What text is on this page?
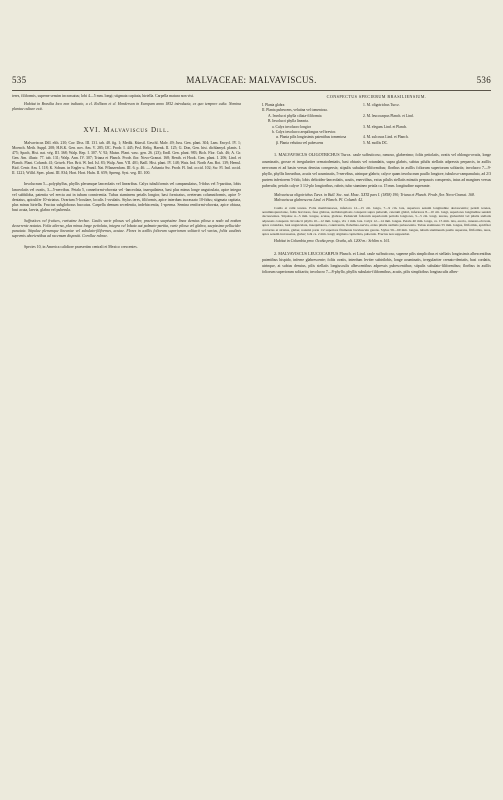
535	MALVACEAE: MALVAVISCUS.	536

teres, filiformis, superne sensim incrassatus; lobi 4—5 mm. longi; stigmata capitata, hirtella. Carpella matura non visi.

Habitat in Brasilia loco non indicato, a cl. Rollison et cl. Henderson in Europam anno 1852 introducta, ex quo tempore culta. Nomina plantae culture exit.

XVI. Malvaviscus Dill.

Malvaviscus Dill. elth. 210; Cav. Diss. III. 131. tab. 48. fig. 1; Medik. Künstl. Geschl. Malv. 49; Juss. Gen. plant. 304; Lam. Encycl. IV. 1; Moench. Meth. Suppl. 208; H.B.K. Gen. nov. Am. V. 285; DC. Prodr. I. 445; Prsl. Reliq. Haenk. II. 125; G. Don, Gen. hist. dichlamyd. plants. I. 475; Spach, Hist. nat. vég. III. 368; Walp. Rep. I. 307. V. 92; Maisn. Plant. vasc. gen. 26. (23); Endl. Gen. plant. 983; Bich. Flor. Cub. 46; A. Gr. Gen. Am. illustr. 77. tab. 131; Walp. Ann. IV. 307; Triana et Planch. Prodr. flor. Novo-Granat. 168; Benth. et Hook. Gen. plant. I. 206; Lind. et Planch. Plant. Columb. 41; Griseb. Flor. Brit. W. Ind. Isl. 83; Walp. Ann. VII. 401; Baill. Hist. plant. IV. 148; Wats. Ind. North Am. Bot. 139; Hemsl. Biol. Centr. Am. I. 118; K. Schum. in Engler u. Prantl. Nat. Pflanzenfam. III. 6. p. 46. — Achania Sw. Prodr. Fl. Ind. occid. 102; Sw. Fl. Ind. occid. II. 1221; Willd. Spec. plant. III. 834; Hort. Hort. Hafn. II. 659; Spreng. Syst. veg. III. 100.

Involucrum 5—polyphyllus, phyllis plerumque lanceolatis vel linearibus. Calyx tubuliformis vel campanulatus, 5-fidus vel 5-partitus, lobis lanceolatis vel ovatis, 3—5-nervibus. Petala 5, conneformi-obovata vel -lanceolata, inaequilatera, basi plus minus longe unguiculata, apice integra vel subbiloba, patentia vel erecta aut in tubum conniventia. Tubus staminens petalis longior, basi fornicatus, oeeterum columniformis, apice 5-dentatus, apiculifer 10-striatus. Ovarium 5-loculare, loculis 1-ovulatis. Stylus teres, filiformis, apice interdum incrassato 10-fidus; stigmata capitata, plus minus hirtella. Fructus subglobosus baccatus. Carpella demum secedentia, indehiscentia, 1-sperma. Semina reniformi-obovata, apice obtusa, basi acuta, laevia, glabra vel puberula.

Suffrutices vel frutices, rarissime herbae. Caulis varie pilosus vel glaber, praeterea saepissime linea densius pilosa a nodo ad nodum decurrente notatus. Folia alterna, plus minus longe petiolata, integra vel lobata aut palmato-partita, varie pilosa vel glabra, saepissime pellucido-punctata. Stipulae plerumque lineariae vel subulato-filiformes, acutae. Flores in axillis foliorum superiorum solitarii vel varius, foliis caulinis supremis aborientibus ad racemum dispositi. Corollae rubrae.

Species 10, in America calidiore praesertim centrali et Mexico crescentes.

CONSPECTUS SPECIERUM BRASILIENSIUM.
I. Planta glabra	1. M. oligotrichus Turcz.
II. Planta pubescens, velutina vel tomentosa.
A. Involucri phylla ciliata-filiformia	2. M. leucocarpus Planch. et Lind.
B. Involucri phylla linearia.
a. Calyx involucro longior	3. M. elegans Lind. et Planch.
b. Calyx involucro aequilongus vel brevior.
α. Planta pilis longissimis patentibus tomentosa	4. M. sulcosus Lind. et Planch.
β. Planta velutina vel pubescens	5. M. mollis DC.

1. MALVAVISCUS OLIGOTRICHUS Turcz. caule suffruticoso, ramoso, glaberrimo; foliis petiolatis, ovatis vel oblongo-ovatis, longe acuminatis, grosse et irregulariter crenatodentatis, basi obtusis vel rotundatis, supra glabris, subtus pilulis stellatis adpressis perparcis, in axillis nervorum et ad basin versus densius conspersis; stipulis subulato-filiformibus; floribus in axillis foliorum superiorum solitariis; involucro 7—9-phyllo, phyllis linearibus, acutis vel acuminatis, 5-nervibus, utrinque glabris; calyce quam involucrum paullo longiore, tubuloso-campanulato, ad 2/3 partem inferiorem 5-fido, lobis deltoideo-lanceolatis, acutis, enerviibus, extus pilulis stellatis minutis perpaucis conspersis, intus ad margines versus puberulis; petalis calyce 3 1/2-plo longioribus, rubris; tubo stamineo petala ca. 15 mm. longitudine superante.

Malvaviscus oligotrichus Turcz. in Bull. Soc. nat. Mosc. XXXI pars I. (1858) 190; Triana et Planch. Prodr. flor. Novo-Granat. 168.

Malvaviscus glabrescens Lind. et Planch. Pl. Columb. 42.

Caulis et rami teretes. Folia membranacea, inferiora 12—15 cm. longa, 7—9 cm. lata, superiora sensim longitudine decrescentia; petioli teretes, aeruminopunctatae, foliis breviores, fuse glabrae, stellulatopilosis conspersi supra puberuli, ceterum glabri, inferiores 8—10 cm. longi, superiores longitudine sensim decrescentes. Stipulae 4—5 mm. longae, acutae, glabrae. Pedunculi foliorum superiorum petiolis longiores, 3—5 cm. longi, teretes, glaberrimi vel pilulis stellatis adpressis conspersi. Involucri phylla 10—12 mm. longa, vix 1 mm. lata. Calyx 12—14 mm. longus. Petala 40 mm. longa, ca. 15 mm. lata, erecta, cuneato-obovata, apice rotundata, basi unguiculata, inaequilatera, conniventia, flabellato-nervia, extus pilulis stellatis pubescentia. Tubus stamineus 55 mm. longus, filiformis, apicifiter contortus et striatus, glaber, nonnisi parte 1/2 superiore filamenta breviuscula gerens. Stylus 56—60 mm. longus, tubum stamineum paullo superans, filiformis, teres, apice sensim incrassatus, glaber; lobi ca. 2 mm. longi; stigmata capitellata, puberula. Fructus non suppetebat.

Habitat in Columbia prov. Ocaña prop. Ocaña, alt. 1200 m.: Schlim n. 161.

2. MALVAVISCUS LEUCOCARPUS Planch. et Lind. caule suffruticoso, superne pilis simplicibus et stellatis longissimis albescentibus patentibus hispido, inferne glabrescente; foliis ovatis, interdum leviter subtrilobis, longe acuminatis, irregulariter crenato-dentatis, basi cordatis, utrinque, at subtus densius, pilis stellatis longiusculis albescentibus adpressis pubescentibus; stipulis subulato-filiformibus; floribus in axillis foliorum superiorum solitariis; involucro 7—8-phyllo, phyllis subulato-filiformibus, acutis, pilis simplicibus longiusculis albes-
